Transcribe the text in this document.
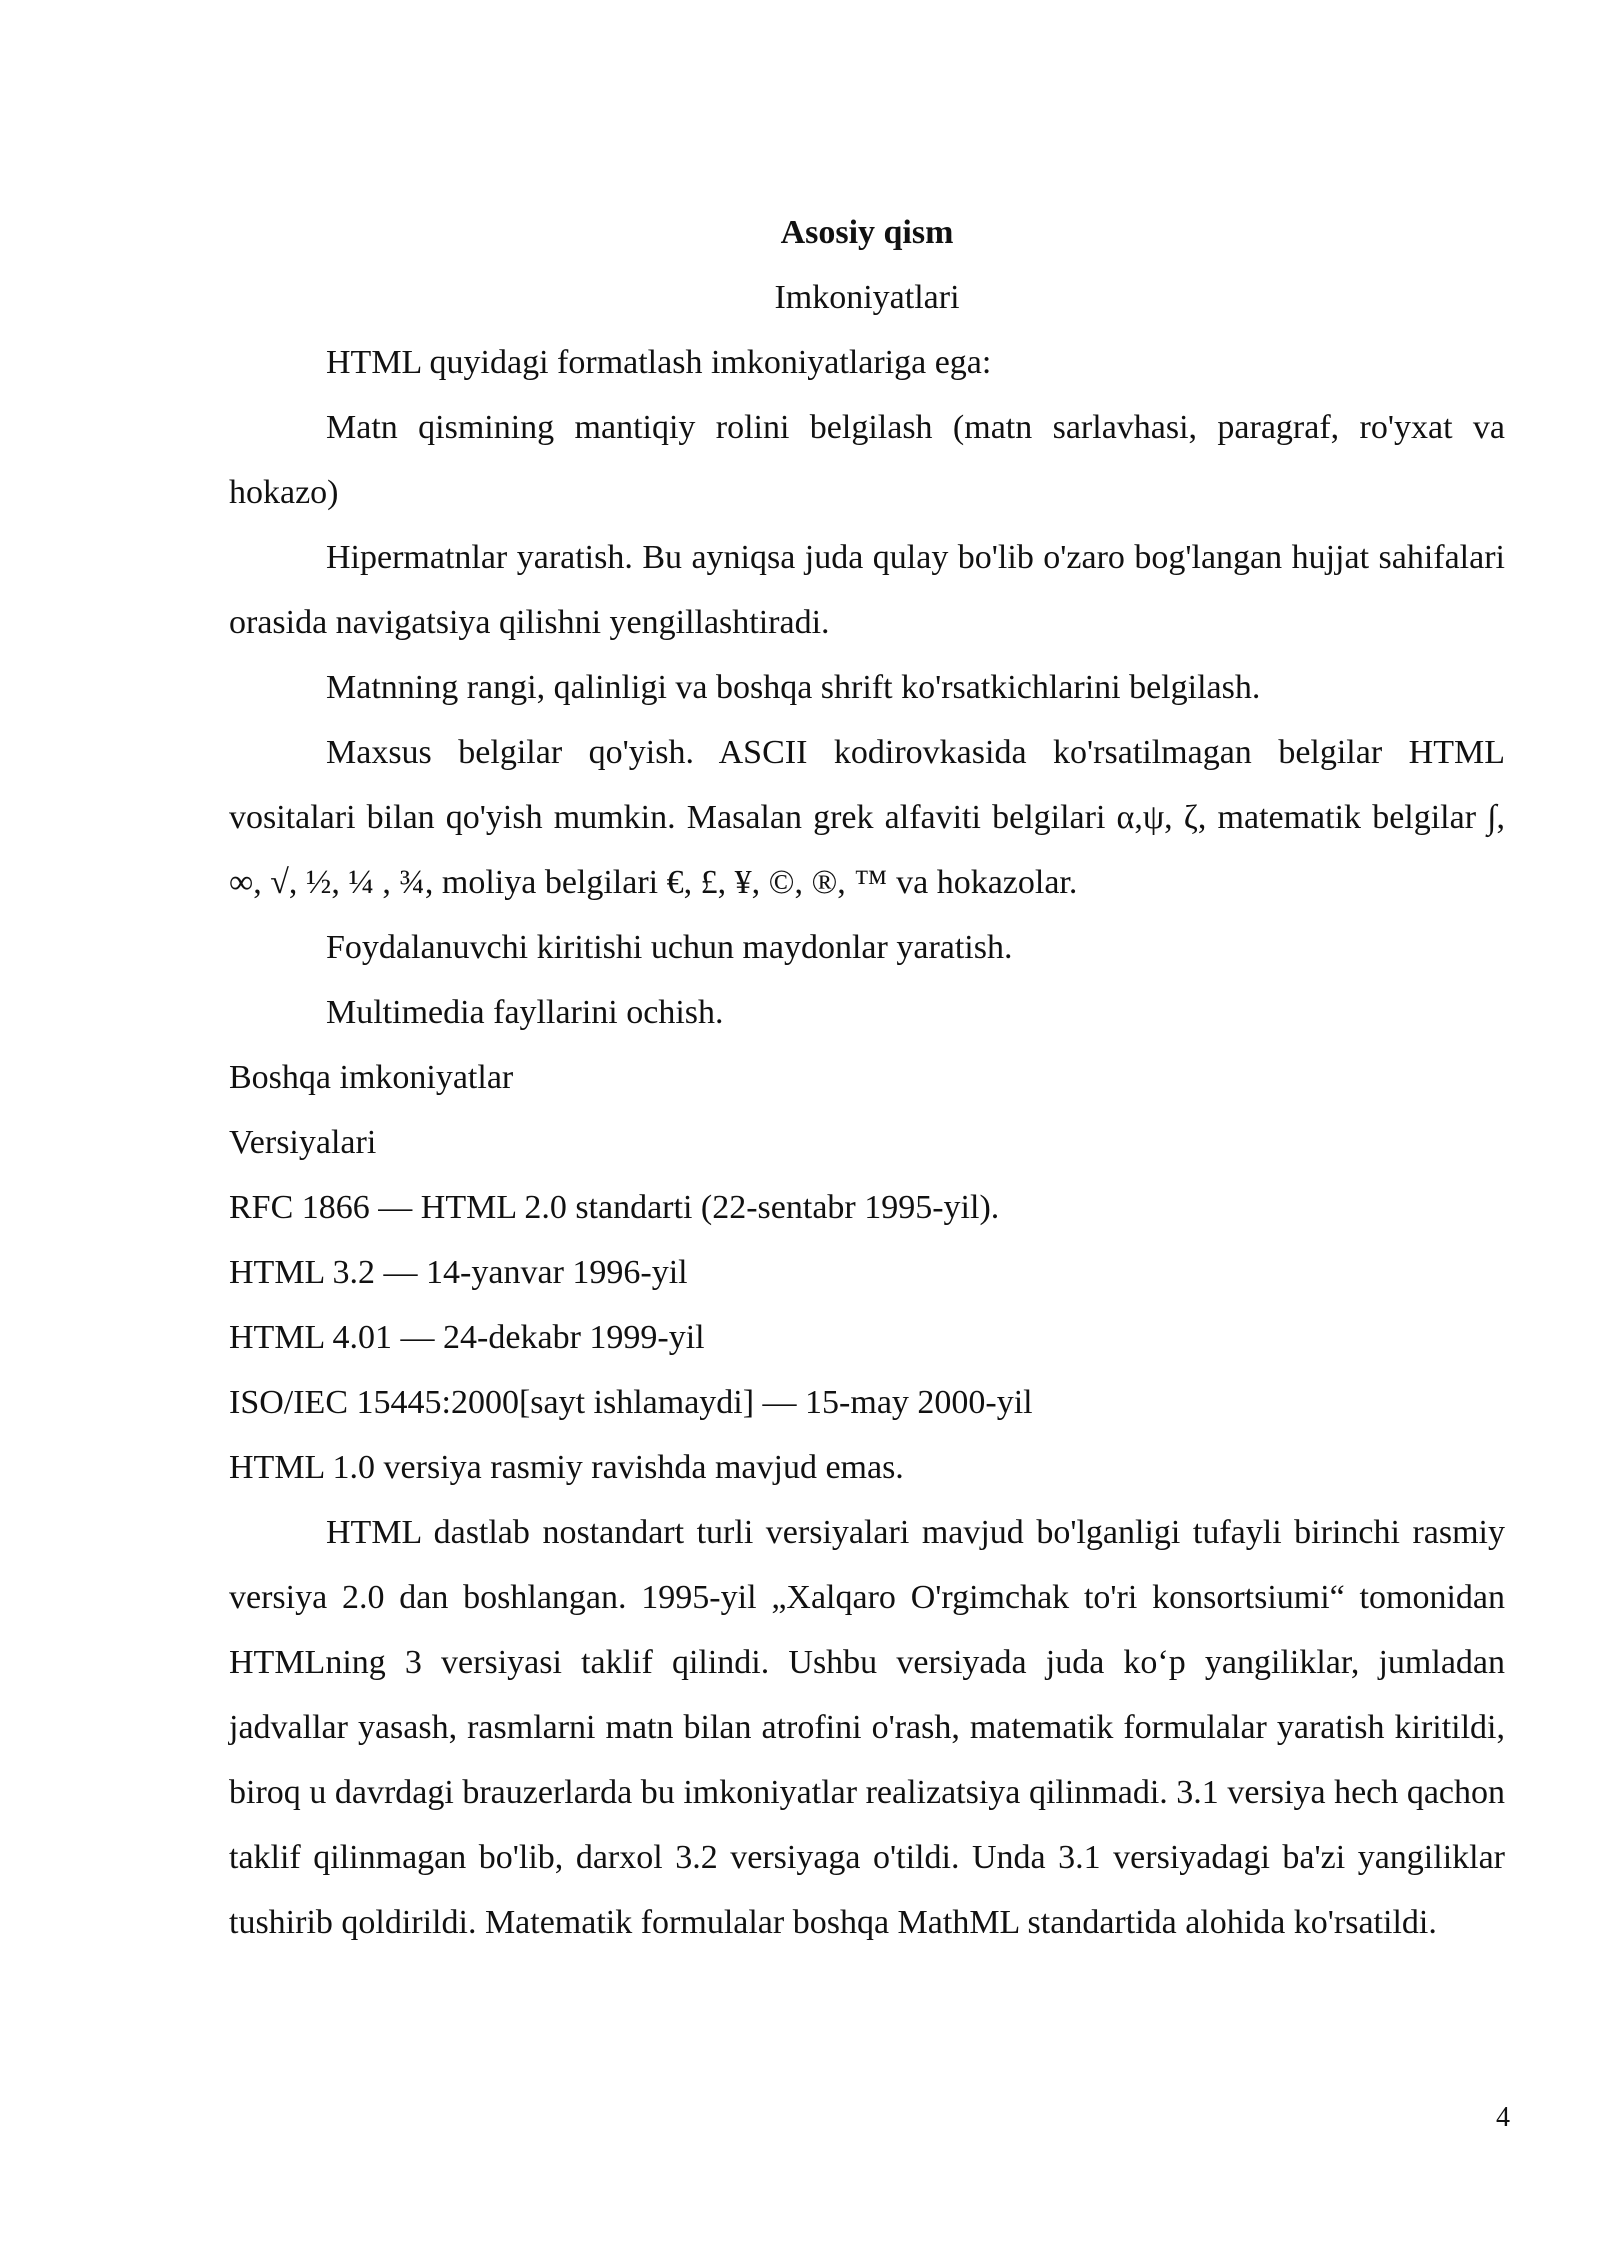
Asosiy qism

Imkoniyatlari

HTML quyidagi formatlash imkoniyatlariga ega:

Matn qismining mantiqiy rolini belgilash (matn sarlavhasi, paragraf, ro'yxat va hokazo)

Hipermatnlar yaratish. Bu ayniqsa juda qulay bo'lib o'zaro bog'langan hujjat sahifalari orasida navigatsiya qilishni yengillashtiradi.

Matnning rangi, qalinligi va boshqa shrift ko'rsatkichlarini belgilash.

Maxsus belgilar qo'yish. ASCII kodirovkasida ko'rsatilmagan belgilar HTML vositalari bilan qo'yish mumkin. Masalan grek alfaviti belgilari α,ψ, ζ, matematik belgilar ∫, ∞, √, ½, ¼ , ¾, moliya belgilari €, £, ¥, ©, ®, ™ va hokazolar.

Foydalanuvchi kiritishi uchun maydonlar yaratish.

Multimedia fayllarini ochish.

Boshqa imkoniyatlar

Versiyalari

RFC 1866 — HTML 2.0 standarti (22-sentabr 1995-yil).

HTML 3.2 — 14-yanvar 1996-yil

HTML 4.01 — 24-dekabr 1999-yil

ISO/IEC 15445:2000[sayt ishlamaydi] — 15-may 2000-yil

HTML 1.0 versiya rasmiy ravishda mavjud emas.

HTML dastlab nostandart turli versiyalari mavjud bo'lganligi tufayli birinchi rasmiy versiya 2.0 dan boshlangan. 1995-yil „Xalqaro O'rgimchak to'ri konsortsiumi“ tomonidan HTMLning 3 versiyasi taklif qilindi. Ushbu versiyada juda koʻp yangiliklar, jumladan jadvallar yasash, rasmlarni matn bilan atrofini o'rash, matematik formulalar yaratish kiritildi, biroq u davrdagi brauzerlarda bu imkoniyatlar realizatsiya qilinmadi. 3.1 versiya hech qachon taklif qilinmagan bo'lib, darxol 3.2 versiyaga o'tildi. Unda 3.1 versiyadagi ba'zi yangiliklar tushirib qoldirildi. Matematik formulalar boshqa MathML standartida alohida ko'rsatildi.

4
